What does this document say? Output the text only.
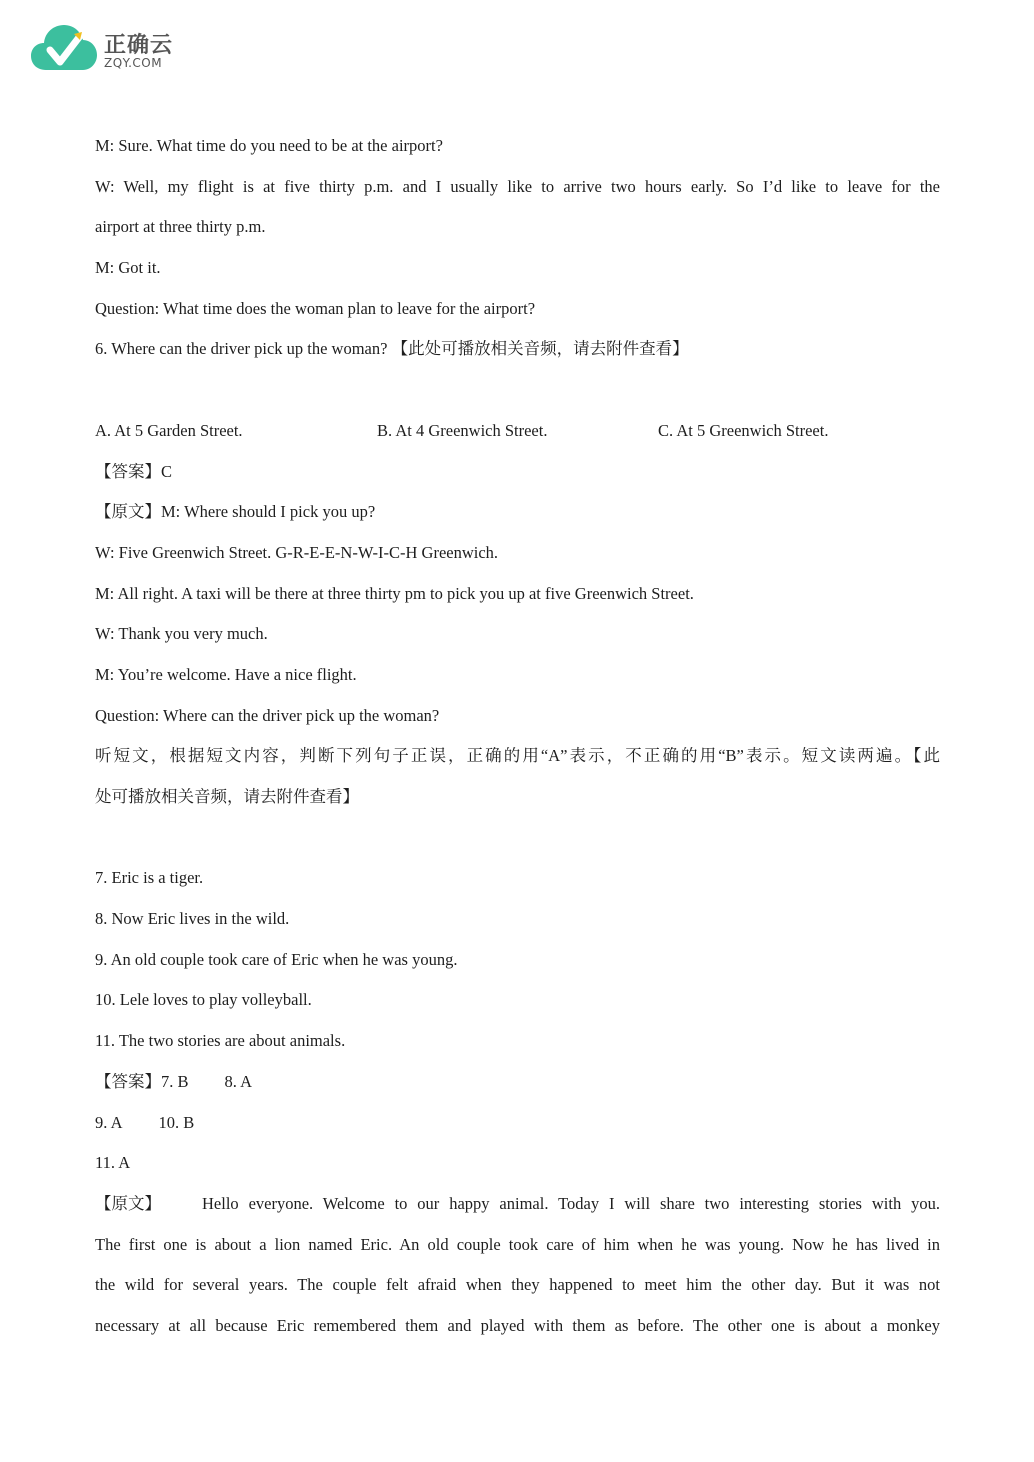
正确云
ZQY.COM
M: Sure. What time do you need to be at the airport?
W: Well, my flight is at five thirty p.m. and I usually like to arrive two hours early. So I’d like to leave for the
airport at three thirty p.m.
M: Got it.
Question: What time does the woman plan to leave for the airport?
6. Where can the driver pick up the woman? 【此处可播放相关音频，请去附件查看】
A. At 5 Garden Street.	B. At 4 Greenwich Street.	C. At 5 Greenwich Street.
【答案】C
【原文】M: Where should I pick you up?
W: Five Greenwich Street. G-R-E-E-N-W-I-C-H Greenwich.
M: All right. A taxi will be there at three thirty pm to pick you up at five Greenwich Street.
W: Thank you very much.
M: You’re welcome. Have a nice flight.
Question: Where can the driver pick up the woman?
听短文，根据短文内容，判断下列句子正误，正确的用“A”表示，不正确的用“B”表示。短文读两遍。【此
处可播放相关音频，请去附件查看】
7. Eric is a tiger.
8. Now Eric lives in the wild.
9. An old couple took care of Eric when he was young.
10. Lele loves to play volleyball.
11. The two stories are about animals.
【答案】7. B 8. A
9. A 10. B
11. A
【原文】 Hello everyone. Welcome to our happy animal. Today I will share two interesting stories with you.
The first one is about a lion named Eric. An old couple took care of him when he was young. Now he has lived in
the wild for several years. The couple felt afraid when they happened to meet him the other day. But it was not
necessary at all because Eric remembered them and played with them as before. The other one is about a monkey
